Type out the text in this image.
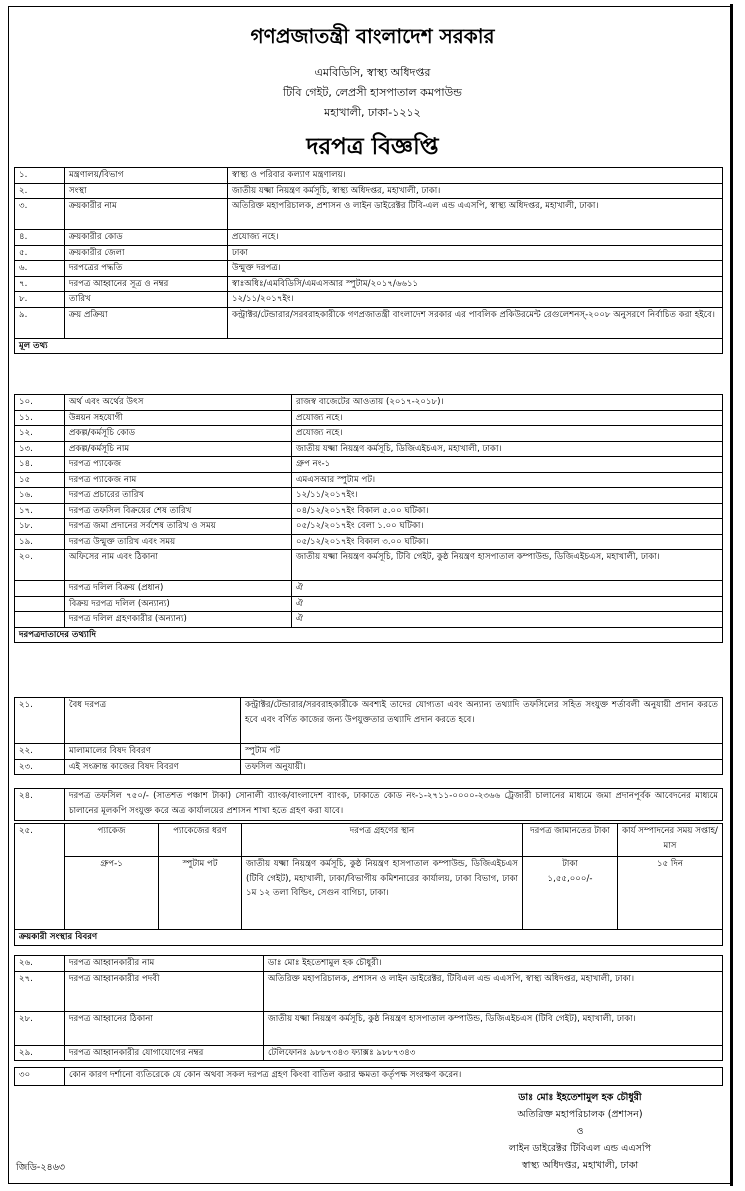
গণপ্রজাতন্ত্রী বাংলাদেশ সরকার
এমবিডিসি, স্বাস্থ্য অধিদপ্তর
টিবি গেইট, লেপ্রসী হাসপাতাল কমপাউন্ড
মহাখালী, ঢাকা-১২১২
দরপত্র বিজ্ঞপ্তি
১.	মন্ত্রণালয়/বিভাগ	স্বাস্থ্য ও পরিবার কল্যাণ মন্ত্রণালয়।
২.	সংস্থা	জাতীয় যক্ষ্মা নিয়ন্ত্রণ কর্মসূচি, স্বাস্থ্য অধিদপ্তর, মহাখালী, ঢাকা।
৩.	ক্রয়কারীর নাম	অতিরিক্ত মহাপরিচালক, প্রশাসন ও লাইন ডাইরেক্টর টিবি-এল এন্ড এএসপি, স্বাস্থ্য অধিদপ্তর, মহাখালী, ঢাকা।
৪.	ক্রয়কারীর কোড	প্রযোজ্য নহে।
৫.	ক্রয়কারীর জেলা	ঢাকা
৬.	দরপত্রের পদ্ধতি	উন্মুক্ত দরপত্র।
৭.	দরপত্র আহ্বানের সূত্র ও নম্বর	স্বাঃঅধিঃ/এমবিডিসি/এমএসআর স্পুটাম/২০১৭/৬৬১১
৮.	তারিখ	১২/১১/২০১৭ইং।
৯.	ক্রয় প্রক্রিয়া	কন্ট্রাক্টর/টেন্ডারার/সরবরাহকারীকে গণপ্রজাতন্ত্রী বাংলাদেশ সরকার এর পাবলিক প্রকিউরমেন্ট রেগুলেশনস্-২০০৮ অনুসরণে নির্বাচিত করা হইবে।
মূল তথ্য		
১০.	অর্থ এবং অর্থের উৎস	রাজস্ব বাজেটের আওতায় (২০১৭-২০১৮)।
১১.	উন্নয়ন সহযোগী	প্রযোজ্য নহে।
১২.	প্রকল্প/কর্মসূচি কোড	প্রযোজ্য নহে।
১৩.	প্রকল্প/কর্মসূচি নাম	জাতীয় যক্ষ্মা নিয়ন্ত্রণ কর্মসূচি, ডিজিএইচএস, মহাখালী, ঢাকা।
১৪.	দরপত্র প্যাকেজ	গ্রুপ নং-১
১৫	দরপত্র প্যাকেজ নাম	এমএসআর স্পুটাম পট।
১৬.	দরপত্র প্রচারের তারিখ	১২/১১/২০১৭ইং।
১৭.	দরপত্র তফসিল বিক্রয়ের শেষ তারিখ	০৪/১২/২০১৭ইং বিকাল ৫.০০ ঘটিকা।
১৮.	দরপত্র জমা প্রদানের সর্বশেষ তারিখ ও সময়	০৫/১২/২০১৭ইং বেলা ১.০০ ঘটিকা।
১৯.	দরপত্র উন্মুক্ত তারিখ এবং সময়	০৫/১২/২০১৭ইং বিকাল ৩.০০ ঘটিকা।
২০.	অফিসের নাম এবং ঠিকানা	জাতীয় যক্ষ্মা নিয়ন্ত্রণ কর্মসূচি, টিবি গেইট, কুষ্ঠ নিয়ন্ত্রণ হাসপাতাল কম্পাউন্ড, ডিজিএইচএস, মহাখালী, ঢাকা।
	দরপত্র দলিল বিক্রয় (প্রধান)	ঐ
	বিক্রয় দরপত্র দলিল (অন্যান্য)	ঐ
	দরপত্র দলিল গ্রহণকারীর (অন্যান্য)	ঐ
দরপত্রদাতাদের তথ্যাদি		
২১.	বৈধ দরপত্র	কন্ট্রাক্টর/টেন্ডারার/সরবরাহকারীকে অবশ্যই তাদের যোগ্যতা এবং অন্যান্য তথ্যাদি তফসিলের সহিত সংযুক্ত শর্তাবলী অনুযায়ী প্রদান করতে হবে এবং বর্ণিত কাজের জন্য উপযুক্ততার তথ্যাদি প্রদান করতে হবে।
২২.	মালামালের বিষদ বিবরণ	স্পুটাম পট
২৩.	এই সংক্রান্ত কাজের বিষদ বিবরণ	তফসিল অনুযায়ী।
২৪.	দরপত্র তফসিল ৭৫০/- (সাতশত পঞ্চাশ টাকা) সোনালী ব্যাংক/বাংলাদেশ ব্যাংক, ঢাকাতে কোড নং-১-২৭১১-০০০০-২৩৬৬ ট্রেজারী চালানের মাধ্যমে জমা প্রদানপূর্বক আবেদনের মাধ্যমে চালানের মূলকপি সংযুক্ত করে অত্র কার্যালয়ের প্রশাসন শাখা হতে গ্রহণ করা যাবে।
২৫.	প্যাকেজ	প্যাকেজের ধরণ	দরপত্র গ্রহণের স্থান	দরপত্র জামানতের টাকা	কার্য সম্পাদনের সময় সপ্তাহ/মাস
	গ্রুপ-১	স্পুটাম পট	জাতীয় যক্ষ্মা নিয়ন্ত্রণ কর্মসূচি, কুষ্ঠ নিয়ন্ত্রণ হাসপাতাল কম্পাউন্ড, ডিজিএইচএস (টিবি গেইট), মহাখালী, ঢাকা/বিভাগীয় কমিশনারের কার্যালয়, ঢাকা বিভাগ, ঢাকা ১ম ১২ তলা বিল্ডিং, সেগুন বাগিচা, ঢাকা।	টাকা
১,৫৫,০০০/-	১৫ দিন
ক্রয়কারী সংস্থার বিবরণ					
২৬.	দরপত্র আহ্বানকারীর নাম	ডাঃ মোঃ ইহতেশামুল হক চৌধুরী।
২৭.	দরপত্র আহ্বানকারীর পদবী	অতিরিক্ত মহাপরিচালক, প্রশাসন ও লাইন ডাইরেক্টর, টিবিএল এন্ড এএসপি, স্বাস্থ্য অধিদপ্তর, মহাখালী, ঢাকা।
২৮.	দরপত্র আহ্বানের ঠিকানা	জাতীয় যক্ষ্মা নিয়ন্ত্রণ কর্মসূচি, কুষ্ঠ নিয়ন্ত্রণ হাসপাতাল কম্পাউন্ড, ডিজিএইচএস (টিবি গেইট), মহাখালী, ঢাকা।
২৯.	দরপত্র আহ্বানকারীর যোগাযোগের নম্বর	টেলিফোনঃ ৯৮৮৭৩৪৩ ফ্যাক্সঃ ৯৮৮৭৩৪৩
৩০	কোন কারণ দর্শানো ব্যতিরেকে যে কোন অথবা সকল দরপত্র গ্রহণ কিংবা বাতিল করার ক্ষমতা কর্তৃপক্ষ সংরক্ষণ করেন।
ডাঃ মোঃ ইহতেশামুল হক চৌধুরী
অতিরিক্ত মহাপরিচালক (প্রশাসন)
ও
লাইন ডাইরেক্টর টিবিএল এন্ড এএসপি
স্বাস্থ্য অধিদপ্তর, মহাখালী, ঢাকা
জিডি-২৪৬৩
